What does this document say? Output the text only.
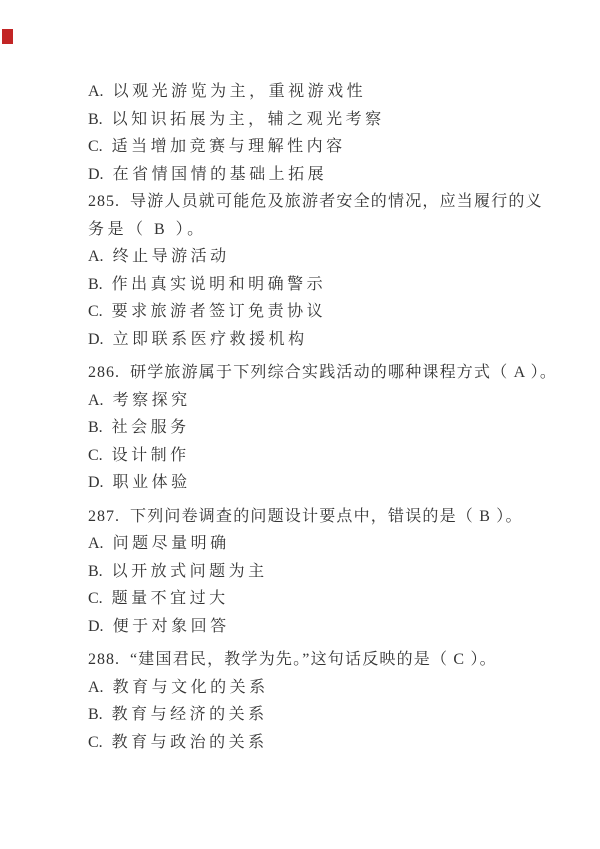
A. 以观光游览为主，重视游戏性
B. 以知识拓展为主，辅之观光考察
C. 适当增加竞赛与理解性内容
D. 在省情国情的基础上拓展
285. 导游人员就可能危及旅游者安全的情况，应当履行的义
务是（ B ）。
A. 终止导游活动
B. 作出真实说明和明确警示
C. 要求旅游者签订免责协议
D. 立即联系医疗救援机构
286. 研学旅游属于下列综合实践活动的哪种课程方式（ A ）。
A. 考察探究
B. 社会服务
C. 设计制作
D. 职业体验
287. 下列问卷调查的问题设计要点中，错误的是（ B ）。
A. 问题尽量明确
B. 以开放式问题为主
C. 题量不宜过大
D. 便于对象回答
288. “建国君民，教学为先。”这句话反映的是（ C ）。
A. 教育与文化的关系
B. 教育与经济的关系
C. 教育与政治的关系
